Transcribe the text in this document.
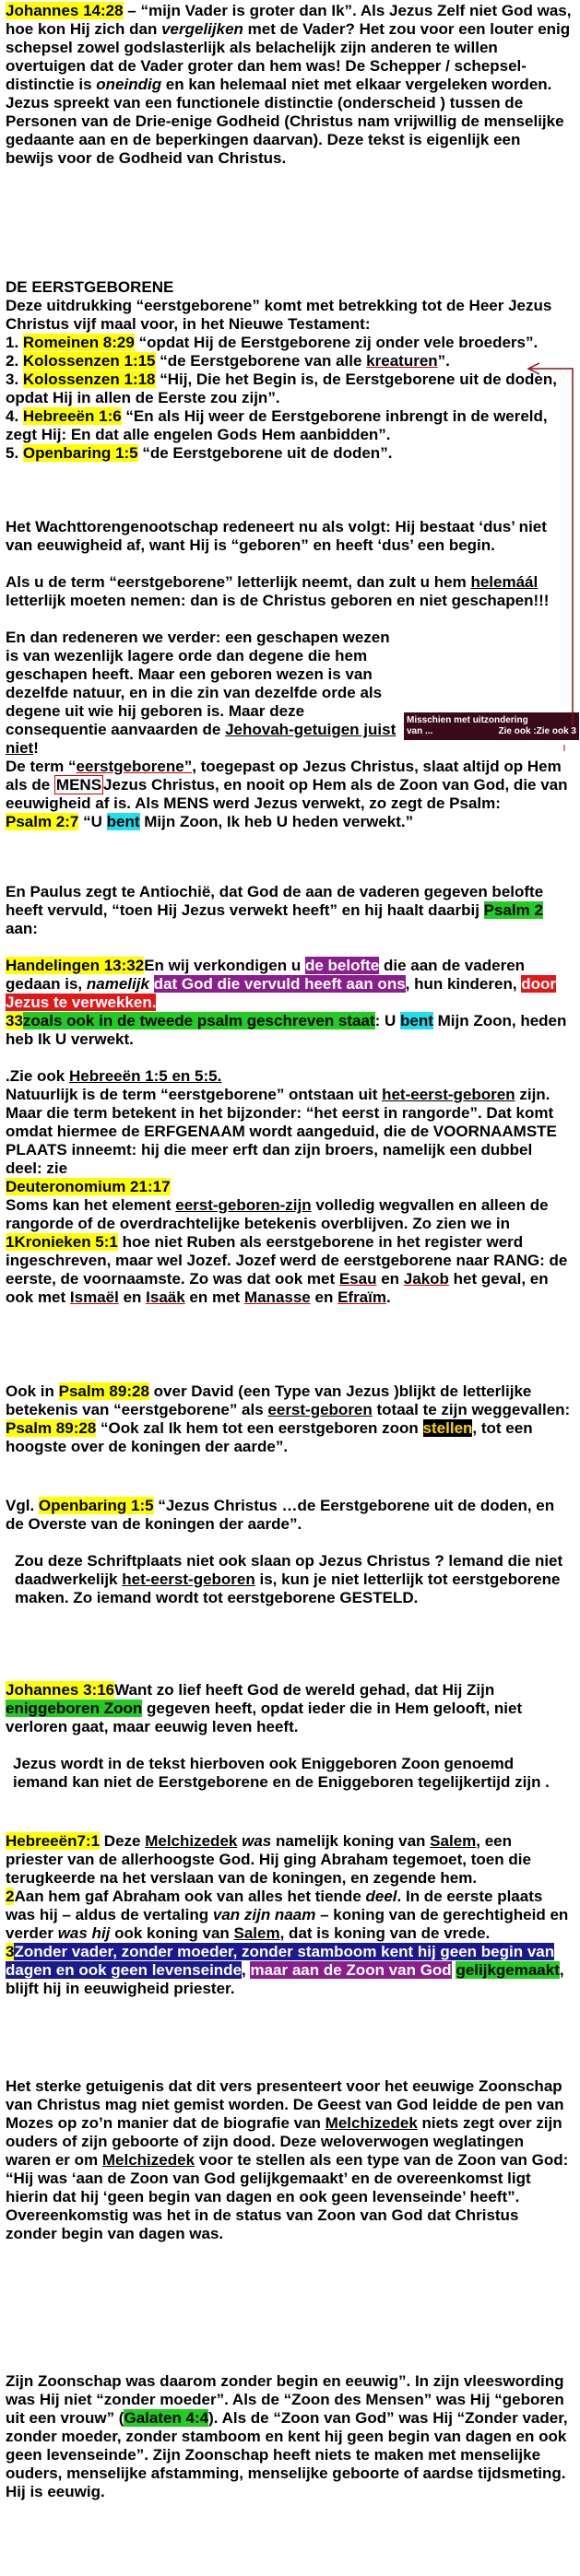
Johannes 14:28 – “mijn Vader is groter dan Ik”. Als Jezus Zelf niet God was, hoe kon Hij zich dan vergelijken met de Vader? Het zou voor een louter enig schepsel zowel godslasterlijk als belachelijk zijn anderen te willen overtuigen dat de Vader groter dan hem was! De Schepper / schepsel-distinctie is oneindig en kan helemaal niet met elkaar vergeleken worden.

Jezus spreekt van een functionele distinctie (onderscheid ) tussen de Personen van de Drie-enige Godheid (Christus nam vrijwillig de menselijke gedaante aan en de beperkingen daarvan). Deze tekst is eigenlijk een bewijs voor de Godheid van Christus.

DE EERSTGEBORENE

Deze uitdrukking “eerstgeborene” komt met betrekking tot de Heer Jezus Christus vijf maal voor, in het Nieuwe Testament:

1. Romeinen 8:29 “opdat Hij de Eerstgeborene zij onder vele broeders”.

2. Kolossenzen 1:15 “de Eerstgeborene van alle kreaturen”.

3. Kolossenzen 1:18 “Hij, Die het Begin is, de Eerstgeborene uit de doden, opdat Hij in allen de Eerste zou zijn”.

4. Hebreeën 1:6 “En als Hij weer de Eerstgeborene inbrengt in de wereld, zegt Hij: En dat alle engelen Gods Hem aanbidden”.

5. Openbaring 1:5 “de Eerstgeborene uit de doden”.

Het Wachttorengenootschap redeneert nu als volgt: Hij bestaat ‘dus’ niet van eeuwigheid af, want Hij is “geboren” en heeft ‘dus’ een begin.

Als u de term “eerstgeborene” letterlijk neemt, dan zult u hem helemáál letterlijk moeten nemen: dan is de Christus geboren en niet geschapen!!!

En dan redeneren we verder: een geschapen wezen is van wezenlijk lagere orde dan degene die hem geschapen heeft. Maar een geboren wezen is van dezelfde natuur, en in die zin van dezelfde orde als degene uit wie hij geboren is. Maar deze consequentie aanvaarden de Jehovah-getuigen juist niet!

De term “eerstgeborene”, toegepast op Jezus Christus, slaat altijd op Hem als de MENS Jezus Christus, en nooit op Hem als de Zoon van God, die van eeuwigheid af is. Als MENS werd Jezus verwekt, zo zegt de Psalm:

Psalm 2:7 “U bent Mijn Zoon, Ik heb U heden verwekt.”

Misschien met uitzondering
van ...	Zie ook :Zie ook 3

En Paulus zegt te Antiochië, dat God de aan de vaderen gegeven belofte heeft vervuld, “toen Hij Jezus verwekt heeft” en hij haalt daarbij Psalm 2 aan:

Handelingen 13:32En wij verkondigen u de belofte die aan de vaderen gedaan is, namelijk dat God die vervuld heeft aan ons, hun kinderen, door Jezus te verwekken.

33zoals ook in de tweede psalm geschreven staat: U bent Mijn Zoon, heden heb Ik U verwekt.

.Zie ook Hebreeën 1:5 en 5:5.

Natuurlijk is de term “eerstgeborene” ontstaan uit het-eerst-geboren zijn. Maar die term betekent in het bijzonder: “het eerst in rangorde”. Dat komt omdat hiermee de ERFGENAAM wordt aangeduid, die de VOORNAAMSTE PLAATS inneemt: hij die meer erft dan zijn broers, namelijk een dubbel deel: zie

Deuteronomium 21:17

Soms kan het element eerst-geboren-zijn volledig wegvallen en alleen de rangorde of de overdrachtelijke betekenis overblijven. Zo zien we in 1Kronieken 5:1 hoe niet Ruben als eerstgeborene in het register werd ingeschreven, maar wel Jozef. Jozef werd de eerstgeborene naar RANG: de eerste, de voornaamste. Zo was dat ook met Esau en Jakob het geval, en ook met Ismaël en Isaäk en met Manasse en Efraïm.

Ook in Psalm 89:28 over David (een Type van Jezus )blijkt de letterlijke betekenis van “eerstgeborene” als eerst-geboren totaal te zijn weggevallen:

Psalm 89:28 “Ook zal Ik hem tot een eerstgeboren zoon stellen, tot een hoogste over de koningen der aarde”.

Vgl. Openbaring 1:5 “Jezus Christus …de Eerstgeborene uit de doden, en de Overste van de koningen der aarde”.

Zou deze Schriftplaats niet ook slaan op Jezus Christus ? lemand die niet daadwerkelijk het-eerst-geboren is, kun je niet letterlijk tot eerstgeborene maken. Zo iemand wordt tot eerstgeborene GESTELD.

Johannes 3:16Want zo lief heeft God de wereld gehad, dat Hij Zijn eniggeboren Zoon gegeven heeft, opdat ieder die in Hem gelooft, niet verloren gaat, maar eeuwig leven heeft.

Jezus wordt in de tekst hierboven ook Eniggeboren Zoon genoemd iemand kan niet de Eerstgeborene en de Eniggeboren tegelijkertijd zijn .

Hebreeën7:1 Deze Melchizedek was namelijk koning van Salem, een priester van de allerhoogste God. Hij ging Abraham tegemoet, toen die terugkeerde na het verslaan van de koningen, en zegende hem.

2Aan hem gaf Abraham ook van alles het tiende deel. In de eerste plaats was hij – aldus de vertaling van zijn naam – koning van de gerechtigheid en verder was hij ook koning van Salem, dat is koning van de vrede.

3Zonder vader, zonder moeder, zonder stamboom kent hij geen begin van dagen en ook geen levenseinde, maar aan de Zoon van God gelijkgemaakt, blijft hij in eeuwigheid priester.

Het sterke getuigenis dat dit vers presenteert voor het eeuwige Zoonschap van Christus mag niet gemist worden. De Geest van God leidde de pen van Mozes op zo’n manier dat de biografie van Melchizedek niets zegt over zijn ouders of zijn geboorte of zijn dood. Deze weloverwogen weglatingen waren er om Melchizedek voor te stellen als een type van de Zoon van God: “Hij was ‘aan de Zoon van God gelijkgemaakt’ en de overeenkomst ligt hierin dat hij ‘geen begin van dagen en ook geen levenseinde’ heeft”. Overeenkomstig was het in de status van Zoon van God dat Christus zonder begin van dagen was.

Zijn Zoonschap was daarom zonder begin en eeuwig”. In zijn vleeswording was Hij niet “zonder moeder”. Als de “Zoon des Mensen” was Hij “geboren uit een vrouw” (Galaten 4:4). Als de “Zoon van God” was Hij “Zonder vader, zonder moeder, zonder stamboom en kent hij geen begin van dagen en ook geen levenseinde”. Zijn Zoonschap heeft niets te maken met menselijke ouders, menselijke afstamming, menselijke geboorte of aardse tijdsmeting. Hij is eeuwig.
